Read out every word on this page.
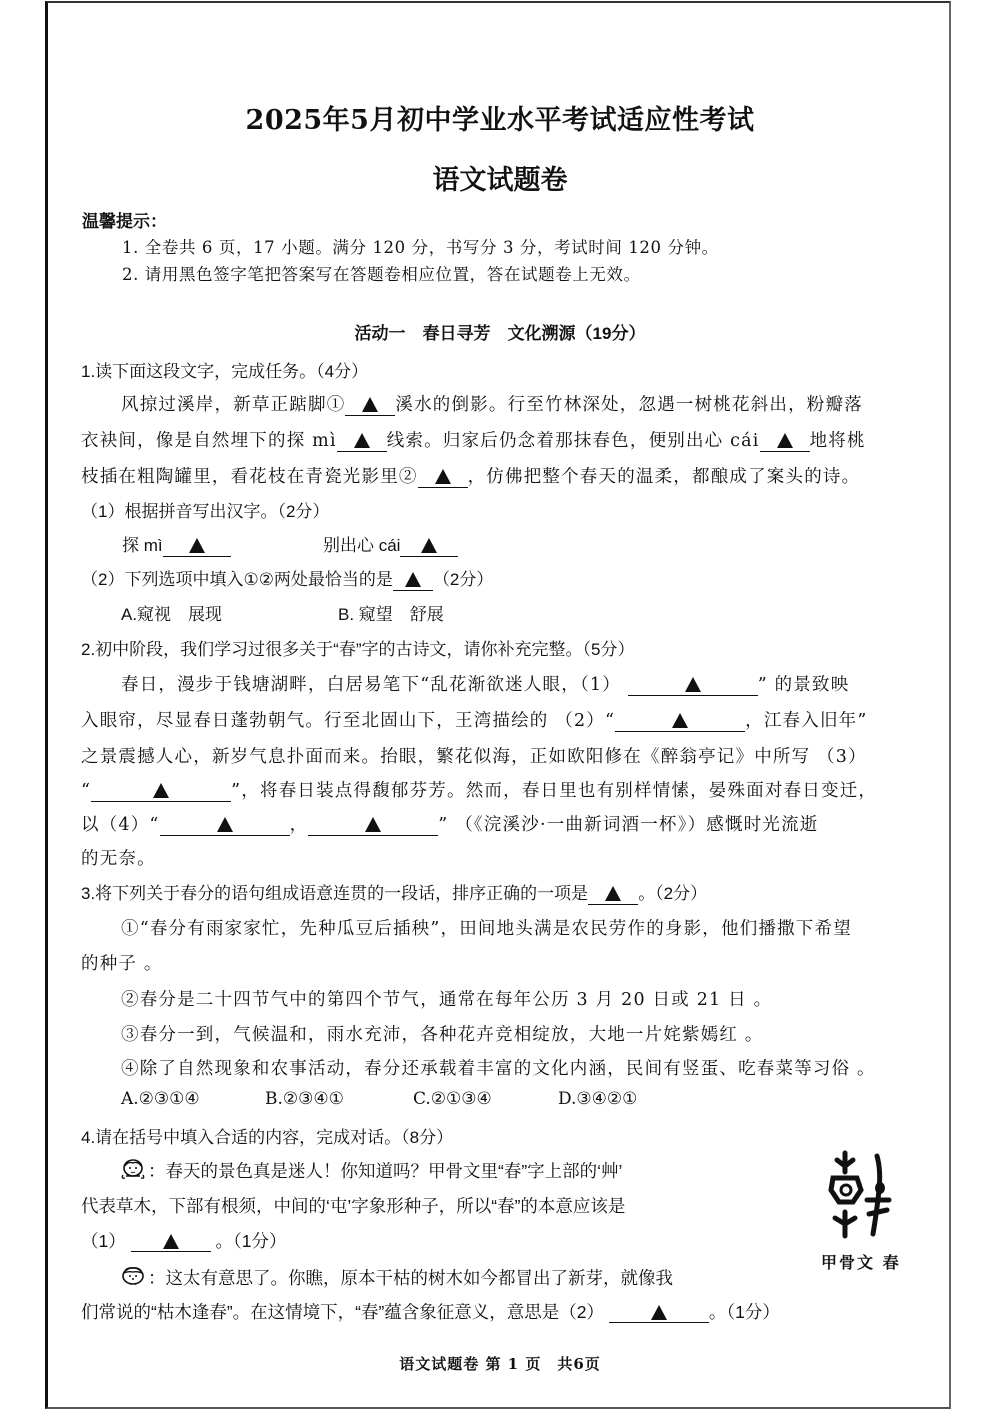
2025年5月初中学业水平考试适应性考试
语文试题卷
温馨提示：
1. 全卷共 6 页，17 小题。满分 120 分，书写分 3 分，考试时间 120 分钟。
2. 请用黑色签字笔把答案写在答题卷相应位置，答在试题卷上无效。
活动一　春日寻芳　文化溯源（19分）
1.读下面这段文字，完成任务。（4分）
风掠过溪岸，新草正踮脚①	溪水的倒影。行至竹林深处，忽遇一树桃花斜出，粉瓣落
衣袂间，像是自然埋下的探 mì	线索。归家后仍念着那抹春色，便别出心 cái	地将桃
枝插在粗陶罐里，看花枝在青瓷光影里②	，仿佛把整个春天的温柔，都酿成了案头的诗。
（1）根据拼音写出汉字。（2分）
探 mì	别出心 cái
（2）下列选项中填入①②两处最恰当的是 （2分）
A.窥视　展现	B. 窥望　舒展
2.初中阶段，我们学习过很多关于“春”字的古诗文，请你补充完整。（5分）
春日，漫步于钱塘湖畔，白居易笔下“乱花渐欲迷人眼，（1）	” 的景致映
入眼帘，尽显春日蓬勃朝气。行至北固山下，王湾描绘的 （2）“	，江春入旧年”
之景震撼人心，新岁气息扑面而来。抬眼，繁花似海，正如欧阳修在《醉翁亭记》中所写 （3）
“	”，将春日装点得馥郁芬芳。然而，春日里也有别样情愫，晏殊面对春日变迁，
以（4）“	，	” （《浣溪沙·一曲新词酒一杯》）感慨时光流逝
的无奈。
3.将下列关于春分的语句组成语意连贯的一段话，排序正确的一项是	。（2分）
①“春分有雨家家忙，先种瓜豆后插秧”，田间地头满是农民劳作的身影，他们播撒下希望
的种子 。
②春分是二十四节气中的第四个节气，通常在每年公历 3 月 20 日或 21 日 。
③春分一到，气候温和，雨水充沛，各种花卉竞相绽放，大地一片姹紫嫣红 。
④除了自然现象和农事活动，春分还承载着丰富的文化内涵，民间有竖蛋、吃春菜等习俗 。
A.②③①④	B.②③④①	C.②①③④	D.③④②①
4.请在括号中填入合适的内容，完成对话。（8分）
：春天的景色真是迷人！你知道吗？甲骨文里“春”字上部的‘艸’
代表草木，下部有根须，中间的‘屯’字象形种子，所以“春”的本意应该是
（1）	。（1分）
：这太有意思了。你瞧，原本干枯的树木如今都冒出了新芽，就像我
们常说的“枯木逢春”。在这情境下，“春”蕴含象征意义，意思是（2）	。（1分）
甲骨文 春
语文试题卷 第 1 页　共6页
